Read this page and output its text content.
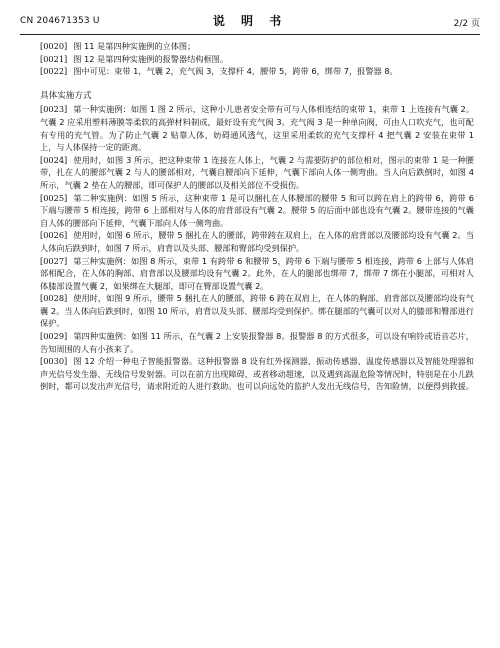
CN 204671353 U	说 明 书	2/2 页

[0020] 图 11 是第四种实施例的立体图；

[0021] 图 12 是第四种实施例的报警器结构框图。

[0022] 图中可见：束带 1，气囊 2，充气阀 3，支撑杆 4，腰带 5，跨带 6，绑带 7，报警器 8。

具体实施方式

[0023] 第一种实施例：如图 1 图 2 所示，这种小儿患者安全带有可与人体相连结的束带 1，束带 1 上连接有气囊 2。气囊 2 应采用塑料薄膜等柔软的高弹材料制成，最好设有充气阀 3。充气阀 3 是一种单向阀，可由人口吹充气，也可配有专用的充气管。为了防止气囊 2 贴靠人体，妨碍通风透气，这里采用柔软的充气支撑杆 4 把气囊 2 安装在束带 1 上，与人体保持一定的距离。

[0024] 使用时，如图 3 所示，把这种束带 1 连接在人体上，气囊 2 与需要防护的部位相对，图示的束带 1 是一种腰带，扎在人的腰部气囊 2 与人的腰部相对，气囊自腰部向下延伸，气囊下部向人体一侧弯曲。当人向后跌倒时，如图 4 所示，气囊 2 垫在人的腰部，即可保护人的腰部以及相关部位不受损伤。

[0025] 第二种实施例：如图 5 所示，这种束带 1 是可以捆扎在人体腰部的腰带 5 和可以跨在肩上的跨带 6，跨带 6 下端与腰带 5 相连接，跨带 6 上部相对与人体的肩背部设有气囊 2。腰带 5 的后面中部也设有气囊 2。腰带连接的气囊自人体的腰部向下延伸，气囊下部向人体一侧弯曲。

[0026] 使用时，如图 6 所示，腰带 5 捆扎在人的腰部，跨带跨在双肩上，在人体的肩背部以及腰部均设有气囊 2。当人体向后跌到时，如图 7 所示，肩背以及头部、腰部和臀部均受到保护。

[0027] 第三种实施例：如图 8 所示，束带 1 有跨带 6 和腰带 5，跨带 6 下端与腰带 5 相连接，跨带 6 上部与人体肩部相配合，在人体的胸部、肩背部以及腰部均设有气囊 2。此外，在人的腿部也绑带 7，绑带 7 绑在小腿部，可相对人体膝部设置气囊 2，如果绑在大腿部，即可在臀部设置气囊 2。

[0028] 使用时，如图 9 所示，腰带 5 捆扎在人的腰部，跨带 6 跨在双肩上，在人体的胸部、肩背部以及腰部均设有气囊 2。当人体向后跌到时，如图 10 所示，肩背以及头部、腰部均受到保护。绑在腿部的气囊可以对人的膝部和臀部进行保护。

[0029] 第四种实施例：如图 11 所示，在气囊 2 上安装报警器 8。报警器 8 的方式很多，可以设有响铃或语音芯片，告知周围的人有小孩来了。

[0030] 图 12 介绍一种电子智能报警器。这种报警器 8 设有红外探测器、振动传感器、温度传感器以及智能处理器和声光信号发生器、无线信号发射器。可以在前方出现障碍，或者移动超速，以及遇到高温危险等情况时，特别是在小儿跌倒时，都可以发出声光信号，请求附近的人进行救助。也可以向远处的监护人发出无线信号，告知险情，以便得到救援。
